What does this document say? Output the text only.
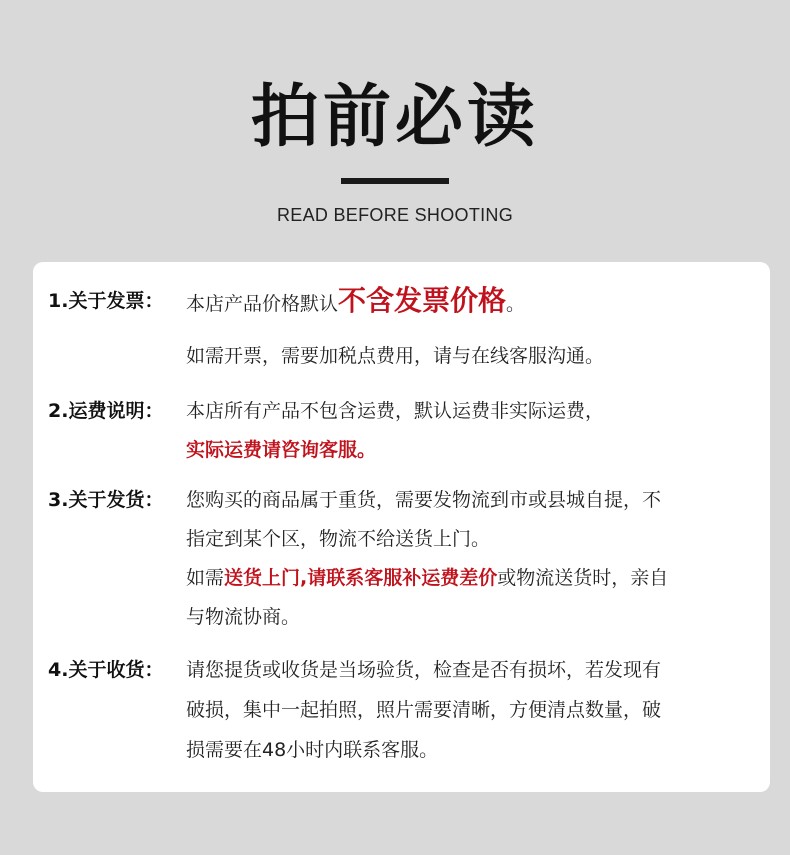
拍前必读
READ BEFORE SHOOTING
1.关于发票： 本店产品价格默认不含发票价格。
如需开票，需要加税点费用，请与在线客服沟通。
2.运费说明： 本店所有产品不包含运费，默认运费非实际运费，
实际运费请咨询客服。
3.关于发货： 您购买的商品属于重货，需要发物流到市或县城自提，不
指定到某个区，物流不给送货上门。
如需送货上门,请联系客服补运费差价或物流送货时，亲自
与物流协商。
4.关于收货： 请您提货或收货是当场验货，检查是否有损坏，若发现有
破损，集中一起拍照，照片需要清晰，方便清点数量，破
损需要在48小时内联系客服。
